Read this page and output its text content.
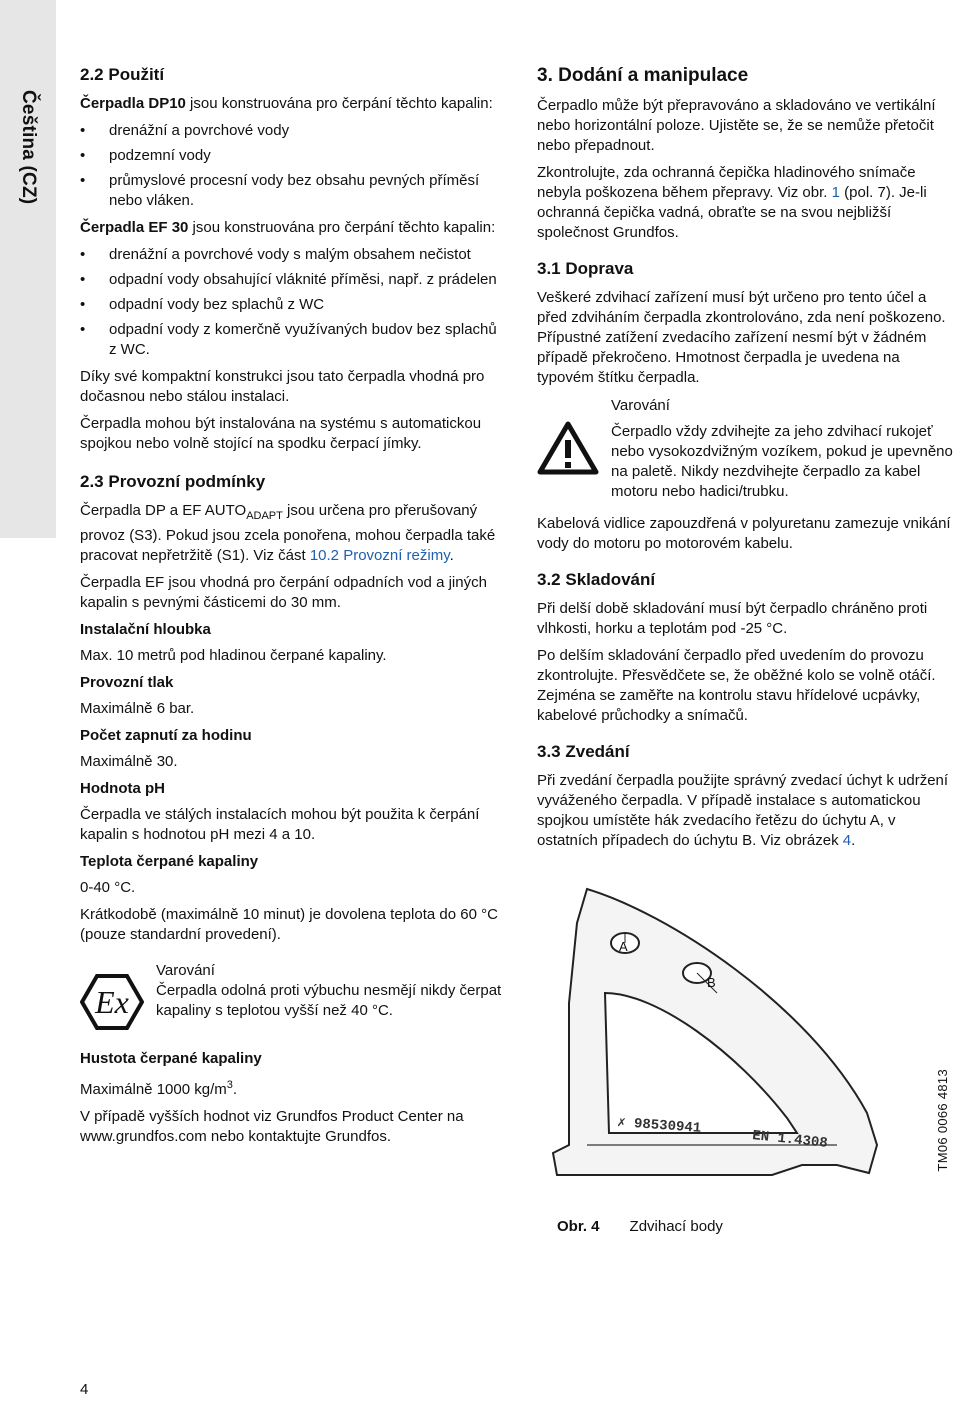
Čeština (CZ)
2.2 Použití

Čerpadla DP10 jsou konstruována pro čerpání těchto kapalin:

• drenážní a povrchové vody
• podzemní vody
• průmyslové procesní vody bez obsahu pevných příměsí nebo vláken.

Čerpadla EF 30 jsou konstruována pro čerpání těchto kapalin:

• drenážní a povrchové vody s malým obsahem nečistot
• odpadní vody obsahující vláknité příměsi, např. z prádelen
• odpadní vody bez splachů z WC
• odpadní vody z komerčně využívaných budov bez splachů z WC.

Díky své kompaktní konstrukci jsou tato čerpadla vhodná pro dočasnou nebo stálou instalaci.

Čerpadla mohou být instalována na systému s automatickou spojkou nebo volně stojící na spodku čerpací jímky.

2.3 Provozní podmínky

Čerpadla DP a EF $AUTO_{ADAPT}$ jsou určena pro přerušovaný provoz (S3). Pokud jsou zcela ponořena, mohou čerpadla také pracovat nepřetržitě (S1). Viz část 10.2 Provozní režimy.

Čerpadla EF jsou vhodná pro čerpání odpadních vod a jiných kapalin s pevnými částicemi do 30 mm.

Instalační hloubka

Max. 10 metrů pod hladinou čerpané kapaliny.

Provozní tlak

Maximálně 6 bar.

Počet zapnutí za hodinu

Maximálně 30.

Hodnota pH

Čerpadla ve stálých instalacích mohou být použita k čerpání kapalin s hodnotou pH mezi 4 a 10.

Teplota čerpané kapaliny

0-40 °C.

Krátkodobě (maximálně 10 minut) je dovolena teplota do 60 °C (pouze standardní provedení).

Ex
Varování
Čerpadla odolná proti výbuchu nesmějí nikdy čerpat kapaliny s teplotou vyšší než 40 °C.
Hustota čerpané kapaliny

Maximálně 1000 $kg/m^3$.

V případě vyšších hodnot viz Grundfos Product Center na www.grundfos.com nebo kontaktujte Grundfos.

3. Dodání a manipulace

Čerpadlo může být přepravováno a skladováno ve vertikální nebo horizontální poloze. Ujistěte se, že se nemůže přetočit nebo přepadnout.

Zkontrolujte, zda ochranná čepička hladinového snímače nebyla poškozena během přepravy. Viz obr. 1 (pol. 7). Je-li ochranná čepička vadná, obraťte se na svou nejbližší společnost Grundfos.

3.1 Doprava

Veškeré zdvihací zařízení musí být určeno pro tento účel a před zdviháním čerpadla zkontrolováno, zda není poškozeno. Přípustné zatížení zvedacího zařízení nesmí být v žádném případě překročeno. Hmotnost čerpadla je uvedena na typovém štítku čerpadla.

Varování
Čerpadlo vždy zdvihejte za jeho zdvihací rukojeť nebo vysokozdvižným vozíkem, pokud je upevněno na paletě. Nikdy nezdvihejte čerpadlo za kabel motoru nebo hadici/trubku.

Kabelová vidlice zapouzdřená v polyuretanu zamezuje vnikání vody do motoru po motorovém kabelu.

3.2 Skladování

Při delší době skladování musí být čerpadlo chráněno proti vlhkosti, horku a teplotám pod -25 °C.

Po delším skladování čerpadlo před uvedením do provozu zkontrolujte. Přesvědčete se, že oběžné kolo se volně otáčí. Zejména se zaměřte na kontrolu stavu hřídelové ucpávky, kabelové průchodky a snímačů.

3.3 Zvedání

Při zvedání čerpadla použijte správný zvedací úchyt k udržení vyváženého čerpadla. V případě instalace s automatickou spojkou umístěte hák zvedacího řetězu do úchytu A, v ostatních případech do úchytu B. Viz obrázek 4.

A
B
✗ 98530941
EN 1.4308	TM06 0066 4813
Obr. 4 Zdvihací body
4
